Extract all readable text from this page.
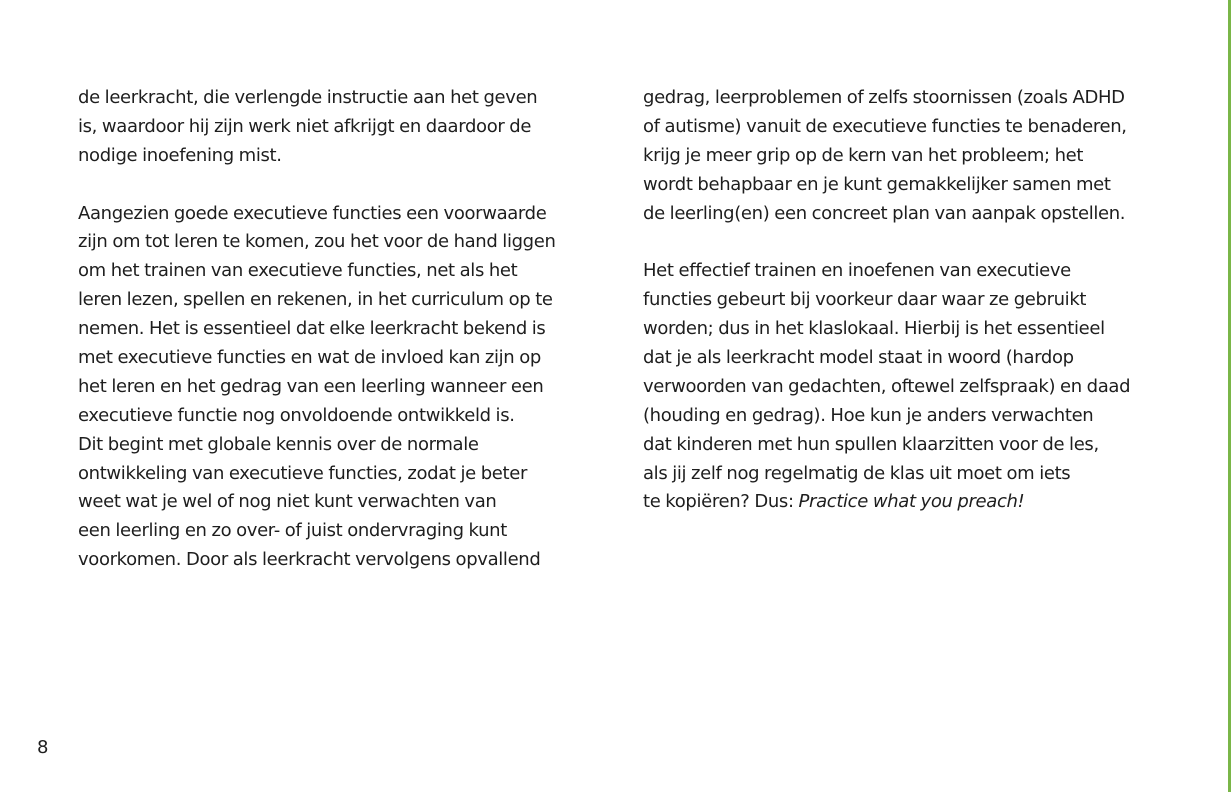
de leerkracht, die verlengde instructie aan het geven
is, waardoor hij zijn werk niet afkrijgt en daardoor de
nodige inoefening mist.
Aangezien goede executieve functies een voorwaarde
zijn om tot leren te komen, zou het voor de hand liggen
om het trainen van executieve functies, net als het
leren lezen, spellen en rekenen, in het curriculum op te
nemen. Het is essentieel dat elke leerkracht bekend is
met executieve functies en wat de invloed kan zijn op
het leren en het gedrag van een leerling wanneer een
executieve functie nog onvoldoende ontwikkeld is.
Dit begint met globale kennis over de normale
ontwikkeling van executieve functies, zodat je beter
weet wat je wel of nog niet kunt verwachten van
een leerling en zo over- of juist ondervraging kunt
voorkomen. Door als leerkracht vervolgens opvallend
gedrag, leerproblemen of zelfs stoornissen (zoals ADHD
of autisme) vanuit de executieve functies te benaderen,
krijg je meer grip op de kern van het probleem; het
wordt behapbaar en je kunt gemakkelijker samen met
de leerling(en) een concreet plan van aanpak opstellen.
Het effectief trainen en inoefenen van executieve
functies gebeurt bij voorkeur daar waar ze gebruikt
worden; dus in het klaslokaal. Hierbij is het essentieel
dat je als leerkracht model staat in woord (hardop
verwoorden van gedachten, oftewel zelfspraak) en daad
(houding en gedrag). Hoe kun je anders verwachten
dat kinderen met hun spullen klaarzitten voor de les,
als jij zelf nog regelmatig de klas uit moet om iets
te kopiëren? Dus: Practice what you preach!
8
